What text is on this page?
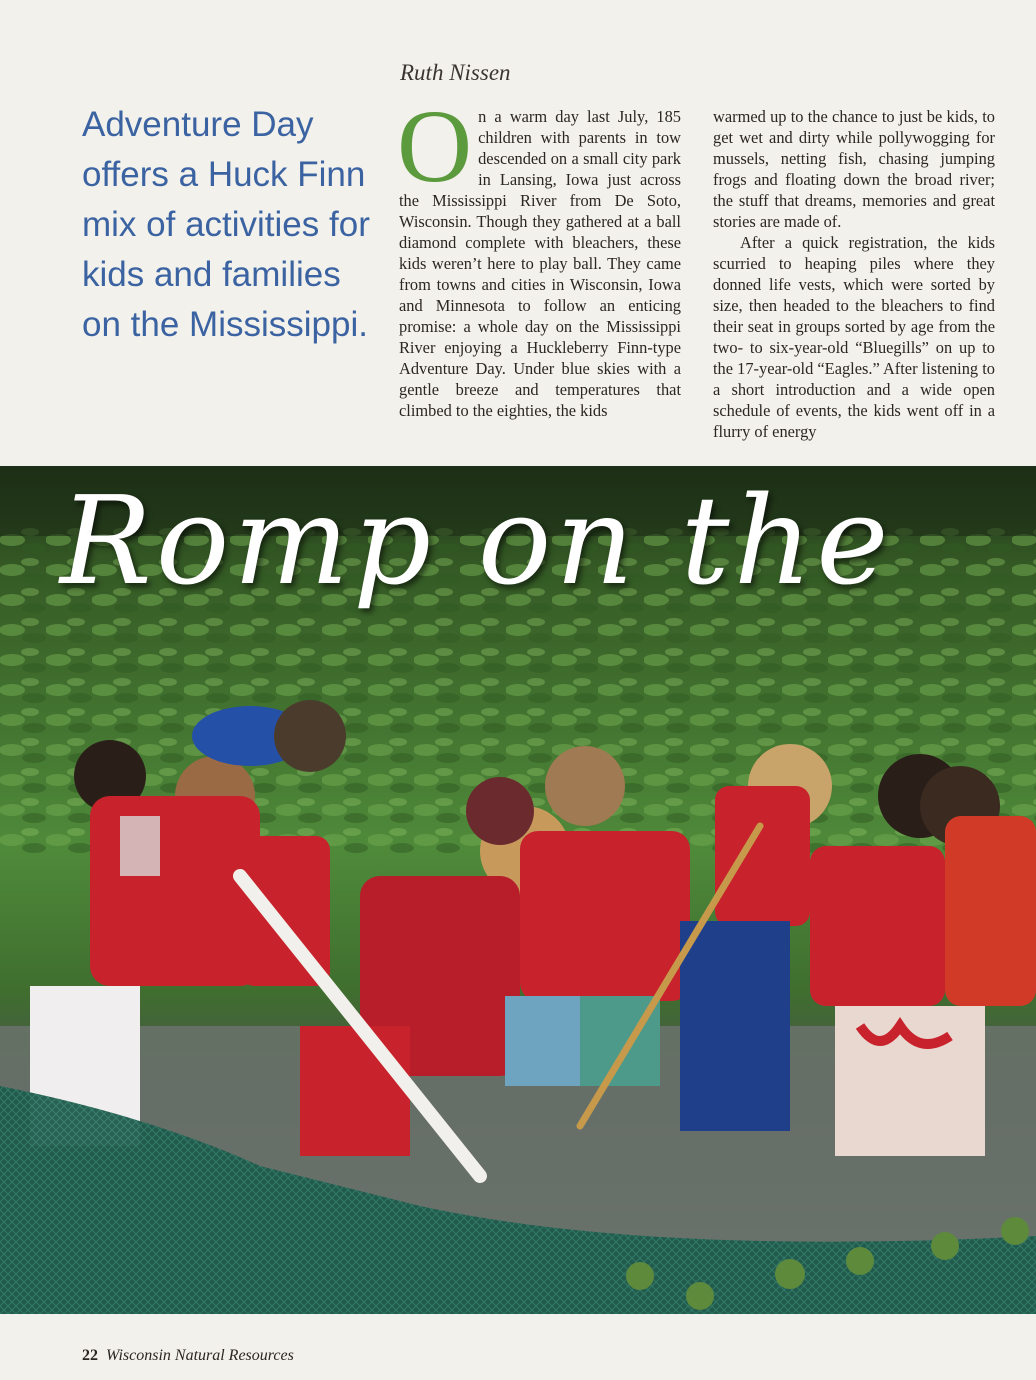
Ruth Nissen

Adventure Day offers a Huck Finn mix of activities for kids and families on the Mississippi.

On a warm day last July, 185 children with parents in tow descended on a small city park in Lansing, Iowa just across the Mississippi River from De Soto, Wisconsin. Though they gathered at a ball diamond complete with bleachers, these kids weren’t here to play ball. They came from towns and cities in Wisconsin, Iowa and Minnesota to follow an enticing promise: a whole day on the Mississippi River enjoying a Huckleberry Finn-type Adventure Day. Under blue skies with a gentle breeze and temperatures that climbed to the eighties, the kids

warmed up to the chance to just be kids, to get wet and dirty while pollywogging for mussels, netting fish, chasing jumping frogs and floating down the broad river; the stuff that dreams, memories and great stories are made of.

After a quick registration, the kids scurried to heaping piles where they donned life vests, which were sorted by size, then headed to the bleachers to find their seat in groups sorted by age from the two- to six-year-old “Bluegills” on up to the 17-year-old “Eagles.” After listening to a short introduction and a wide open schedule of events, the kids went off in a flurry of energy

Romp on the
22 Wisconsin Natural Resources
